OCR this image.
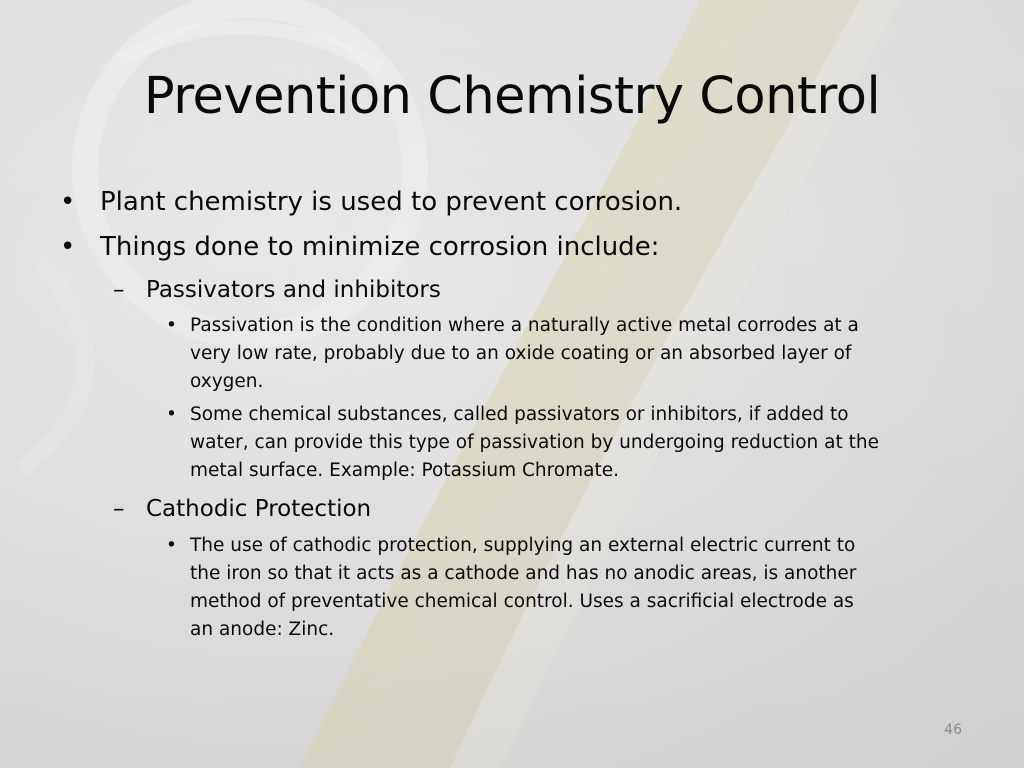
Prevention Chemistry Control
• Plant chemistry is used to prevent corrosion.
• Things done to minimize corrosion include:
– Passivators and inhibitors
• Passivation is the condition where a naturally active metal corrodes at a
very low rate, probably due to an oxide coating or an absorbed layer of
oxygen.
• Some chemical substances, called passivators or inhibitors, if added to
water, can provide this type of passivation by undergoing reduction at the
metal surface. Example: Potassium Chromate.
– Cathodic Protection
• The use of cathodic protection, supplying an external electric current to
the iron so that it acts as a cathode and has no anodic areas, is another
method of preventative chemical control. Uses a sacrificial electrode as
an anode: Zinc.
46
